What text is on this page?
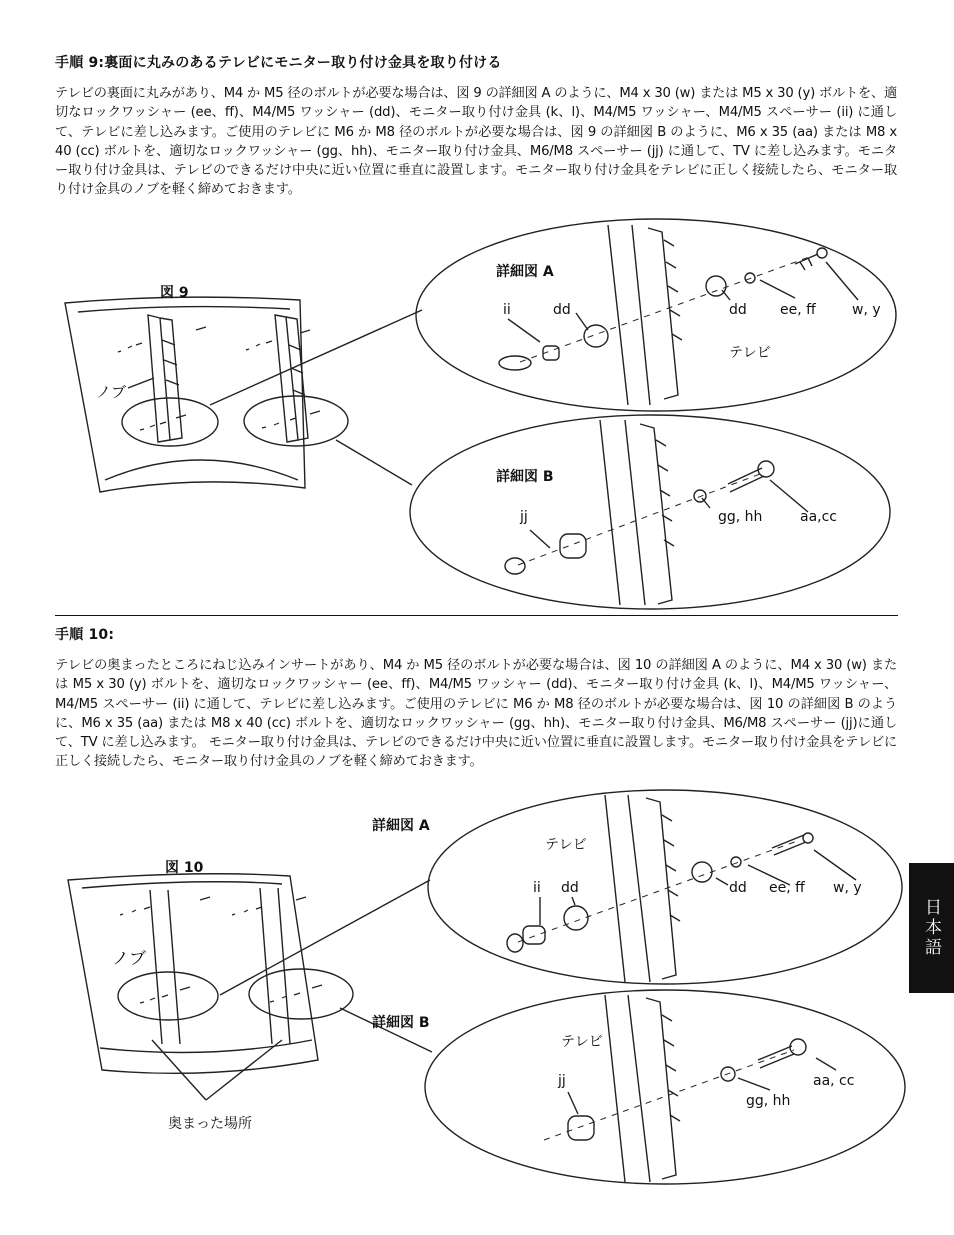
手順 9:裏面に丸みのあるテレビにモニター取り付け金具を取り付ける
テレビの裏面に丸みがあり、M4 か M5 径のボルトが必要な場合は、図 9 の詳細図 A のように、M4 x 30 (w) または M5 x 30 (y) ボルトを、適切なロックワッシャー (ee、ff)、M4/M5 ワッシャー (dd)、モニター取り付け金具 (k、l)、M4/M5 ワッシャー、M4/M5 スペーサー (ii) に通して、テレビに差し込みます。ご使用のテレビに M6 か M8 径のボルトが必要な場合は、図 9 の詳細図 B のように、M6 x 35 (aa) または M8 x 40 (cc) ボルトを、適切なロックワッシャー (gg、hh)、モニター取り付け金具、M6/M8 スペーサー (jj) に通して、TV に差し込みます。モニター取り付け金具は、テレビのできるだけ中央に近い位置に垂直に設置します。モニター取り付け金具をテレビに正しく接続したら、モニター取り付け金具のノブを軽く締めておきます。
図 9
ノブ
詳細図 A
ii	dd	dd ee, ff	w, y
テレビ
詳細図 B
jj	gg, hh	aa,cc
手順 10:
テレビの奥まったところにねじ込みインサートがあり、M4 か M5 径のボルトが必要な場合は、図 10 の詳細図 A のように、M4 x 30 (w) または M5 x 30 (y) ボルトを、適切なロックワッシャー (ee、ff)、M4/M5 ワッシャー (dd)、モニター取り付け金具 (k、l)、M4/M5 ワッシャー、M4/M5 スペーサー (ii) に通して、テレビに差し込みます。ご使用のテレビに M6 か M8 径のボルトが必要な場合は、図 10 の詳細図 B のように、M6 x 35 (aa) または M8 x 40 (cc) ボルトを、適切なロックワッシャー (gg、hh)、モニター取り付け金具、M6/M8 スペーサー (jj)に通して、TV に差し込みます。 モニター取り付け金具は、テレビのできるだけ中央に近い位置に垂直に設置します。モニター取り付け金具をテレビに正しく接続したら、モニター取り付け金具のノブを軽く締めておきます。
詳細図 A
図 10
ノブ
奥まった場所
テレビ
ii dd	dd ee, ff w, y
詳細図 B
テレビ
jj	aa, cc
gg, hh
日本語
